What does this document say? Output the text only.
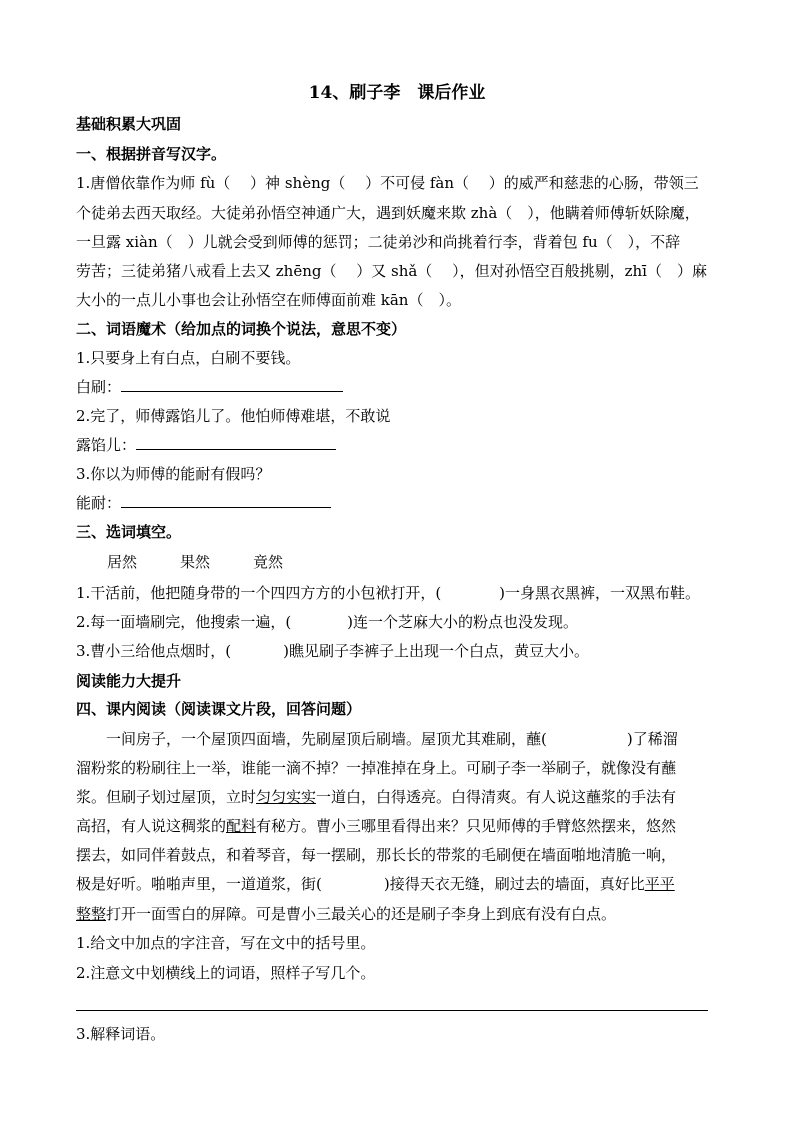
14、刷子李　课后作业
基础积累大巩固
一、根据拼音写汉字。
1.唐僧依靠作为师 fù（　 ）神 shèng（　 ）不可侵 fàn（　 ）的威严和慈悲的心肠，带领三
个徒弟去西天取经。大徒弟孙悟空神通广大，遇到妖魔来欺 zhà（　），他瞒着师傅斩妖除魔，
一旦露 xiàn（　）儿就会受到师傅的惩罚；二徒弟沙和尚挑着行李，背着包 fu（　），不辞
劳苦；三徒弟猪八戒看上去又 zhēng（　 ）又 shǎ（　 ），但对孙悟空百般挑剔，zhī（　）麻
大小的一点儿小事也会让孙悟空在师傅面前难 kān（　）。
二、词语魔术（给加点的词换个说法，意思不变）
1.只要身上有白点，白刷不要钱。
白刷：
2.完了，师傅露馅儿了。他怕师傅难堪，不敢说
露馅儿：
3.你以为师傅的能耐有假吗？
能耐：
三、选词填空。
居然	果然	竟然
1.干活前，他把随身带的一个四四方方的小包袱打开，(	)一身黑衣黑裤，一双黑布鞋。
2.每一面墙刷完，他搜索一遍，(	)连一个芝麻大小的粉点也没发现。
3.曹小三给他点烟时，(	)瞧见刷子李裤子上出现一个白点，黄豆大小。
阅读能力大提升
四、课内阅读（阅读课文片段，回答问题）
一间房子，一个屋顶四面墙，先刷屋顶后刷墙。屋顶尤其难刷，蘸(	)了稀溜
溜粉浆的粉刷往上一举，谁能一滴不掉？一掉准掉在身上。可刷子李一举刷子，就像没有蘸
浆。但刷子划过屋顶，立时匀匀实实一道白，白得透亮。白得清爽。有人说这蘸浆的手法有
高招，有人说这稠浆的配料有秘方。曹小三哪里看得出来？只见师傅的手臂悠然摆来，悠然
摆去，如同伴着鼓点，和着琴音，每一摆刷，那长长的带浆的毛刷便在墙面啪地清脆一响，
极是好听。啪啪声里，一道道浆，街(	)接得天衣无缝，刷过去的墙面，真好比平平
整整打开一面雪白的屏障。可是曹小三最关心的还是刷子李身上到底有没有白点。
1.给文中加点的字注音，写在文中的括号里。
2.注意文中划横线上的词语，照样子写几个。
3.解释词语。
